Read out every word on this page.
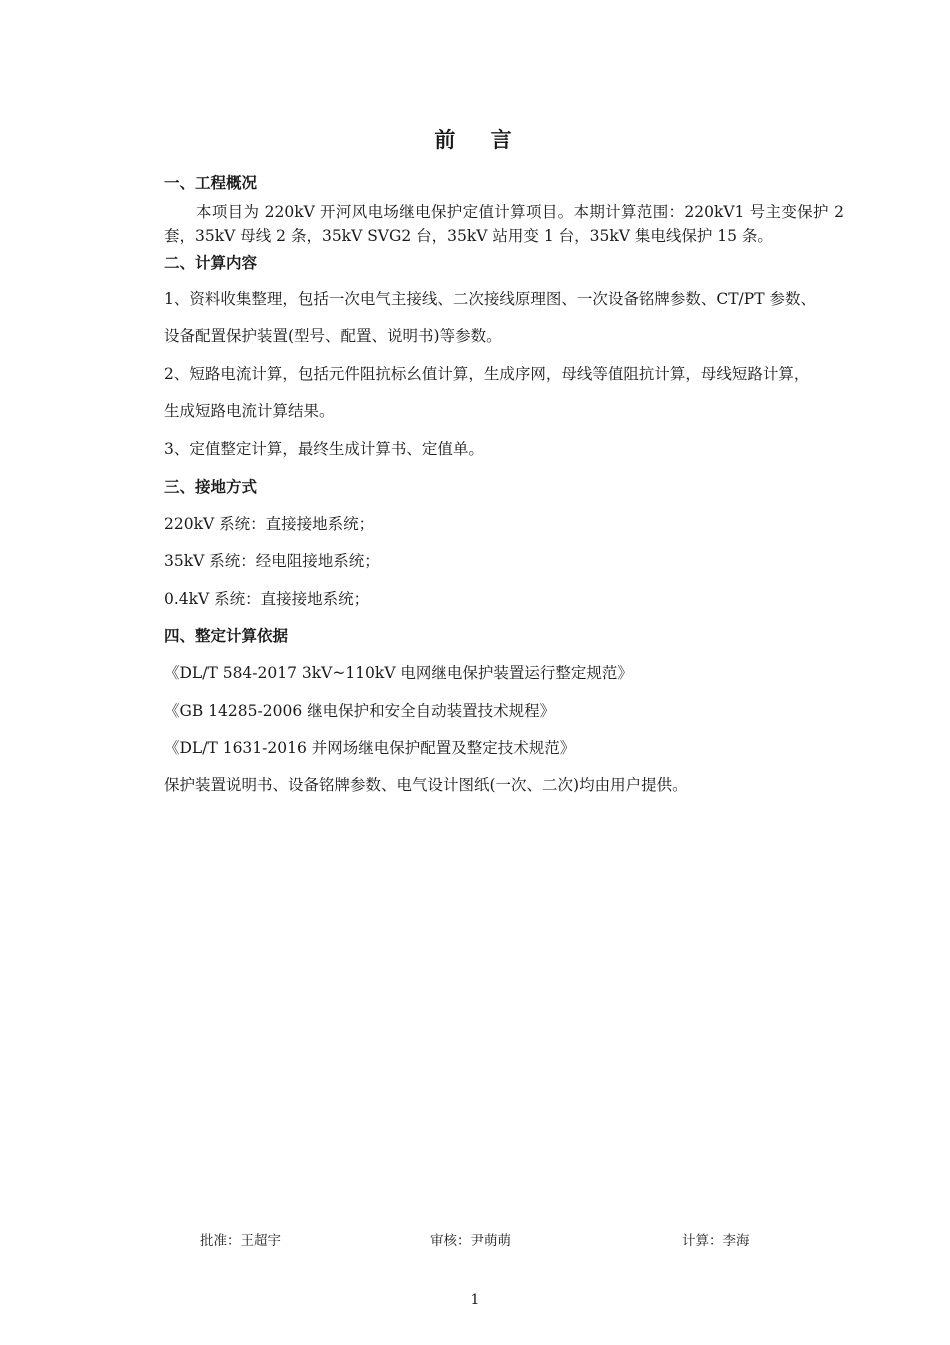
前 言
一、工程概况
本项目为 220kV 开河风电场继电保护定值计算项目。本期计算范围：220kV1 号主变保护 2 套，35kV 母线 2 条，35kV SVG2 台，35kV 站用变 1 台，35kV 集电线保护 15 条。
二、计算内容
1、资料收集整理，包括一次电气主接线、二次接线原理图、一次设备铭牌参数、CT/PT 参数、
设备配置保护装置(型号、配置、说明书)等参数。
2、短路电流计算，包括元件阻抗标幺值计算，生成序网，母线等值阻抗计算，母线短路计算，
生成短路电流计算结果。
3、定值整定计算，最终生成计算书、定值单。
三、接地方式
220kV 系统：直接接地系统；
35kV 系统：经电阻接地系统；
0.4kV 系统：直接接地系统；
四、整定计算依据
《DL/T 584-2017 3kV~110kV 电网继电保护装置运行整定规范》
《GB 14285-2006 继电保护和安全自动装置技术规程》
《DL/T 1631-2016 并网场继电保护配置及整定技术规范》
保护装置说明书、设备铭牌参数、电气设计图纸(一次、二次)均由用户提供。
批准：王超宇	审核：尹萌萌	计算：李海
1
